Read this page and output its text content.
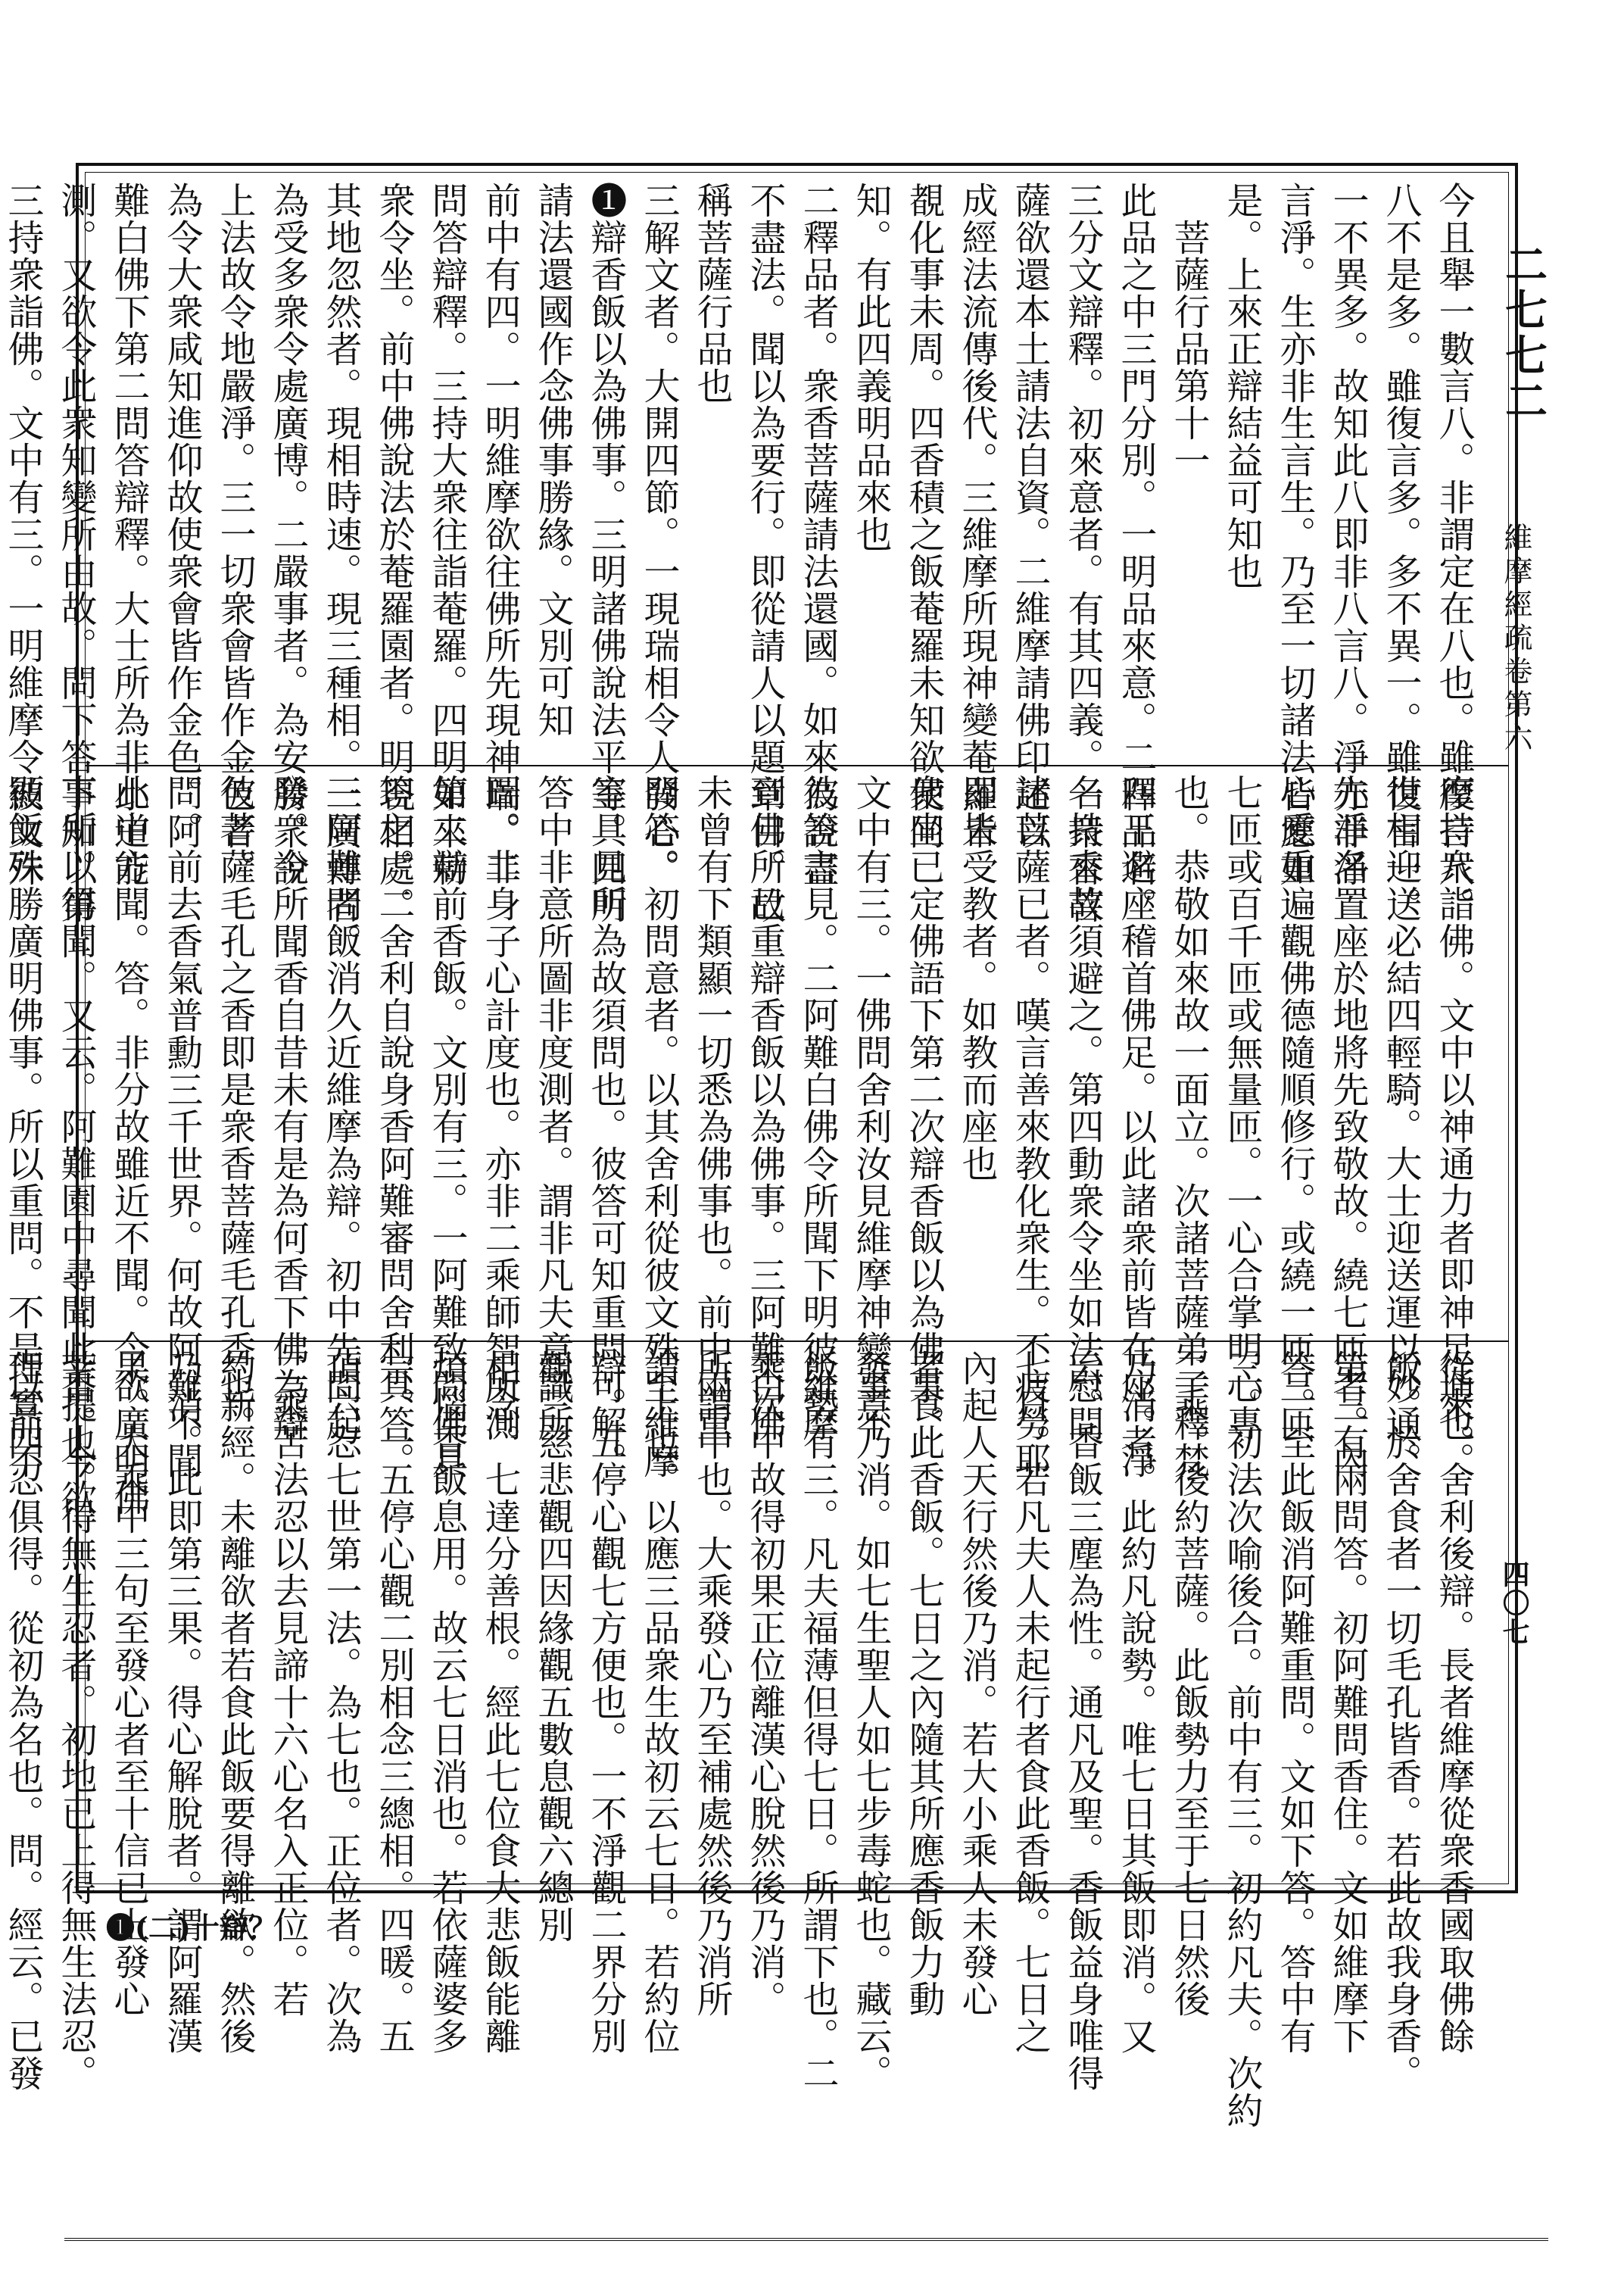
二七七二
維摩經疏卷第六
四〇七
今且舉一數言八。非謂定在八也。雖復言八。
八不是多。雖復言多。多不異一。雖復言一。
一不異多。故知此八即非八言八。淨亦非淨
言淨。生亦非生言生。乃至一切諸法皆應如
是。上來正辯結益可知也
　菩薩行品第十一
此品之中三門分別。一明品來意。二釋品名。
三分文辯釋。初來意者。有其四義。一衆香菩
薩欲還本土請法自資。二維摩請佛印述以
成經法流傳後代。三維摩所現神變菴羅未
覩化事未周。四香積之飯菴羅未知欲使同
知。有此四義明品來也
二釋品者。衆香菩薩請法還國。如來為說盡
不盡法。聞以為要行。即從請人以題章目。故
稱菩薩行品也
三解文者。大開四節。一現瑞相令人發心。
❶辯香飯以為佛事。三明諸佛說法平等。四明
請法還國作念佛事勝緣。文別可知
前中有四。一明維摩欲往佛所先現神瑞。二
問答辯釋。三持大衆往詣菴羅。四明如來勅
衆令坐。前中佛說法於菴羅園者。明現相處。
其地忽然者。現相時速。現三種相。一廣博者。
為受多衆令處廣博。二嚴事者。為安勝衆說
上法故令地嚴淨。三一切衆會皆作金色者。
為令大衆咸知進仰故使衆會皆作金色。阿
難白佛下第二問答辯釋。大士所為非小道能
測。又欲令此衆知變所由故。問下答下知。第
三持衆詣佛。文中有三。一明維摩令彼文殊
摩持衆詣佛。文中以神通力者即神足通也。
世相迎送必結四輕騎。大士迎送運以妙通。
先淨名置座於地將先致敬故。繞七匝者。內
心愛重遍觀佛德隨順修行。或繞一匝三匝
七匝或百千匝或無量匝。一心合掌明心專
也。恭敬如來故一面立。次諸菩薩弟子釋梵
四王避座稽首佛足。以此諸衆前皆在座。淨
名持來故須避之。第四動衆令坐如法慰問
諸菩薩已者。嘆言善來教化衆生。不疲勞耶
即皆受教者。如教而座也
衆坐已定佛語下第二次辯香飯以為佛事。
文中有三。一佛問舍利汝見維摩神變事不
彼答言見。二阿難白佛令所聞下明彼維摩
到佛所已重辯香飯以為佛事。三阿難白佛
未曾有下類顯一切悉為佛事也。前中兩重
問答。初問意者。以其舍利從彼文殊至維摩
室具見所為故須問也。彼答可知重問可解。
答中非意所圖非度測者。謂非凡夫意識所
圖。非身子心計度也。亦非二乘師智所測
第二辯前香飯。文別有三。一阿難致問佛具
答之。二舍利自說身香阿難審問舍利具答。
三阿難問飯消久近維摩為辯。初中先問起
發。今所聞香自昔未有是為何香下佛為辯
彼菩薩毛孔之香即是衆香菩薩毛孔香也。
問。前去香氣普勳三千世界。何故阿難不聞
此中方聞。答。非分故雖近不聞。今欲廣明佛
事所以得聞。又云。阿難園中尋聞此香。今欲
顯飯殊勝廣明佛事。所以重問。不是以前不
從來。舍利後辯。長者維摩從衆香國取佛餘
飯。於舍食者一切毛孔皆香。若此故我身香。
第三有兩問答。初阿難問香住。文如維摩下
答。至此飯消阿難重問。文如下答。答中有
三。初法次喻後合。前中有三。初約凡夫。次約
二乘。後約菩薩。此飯勢力至于七日然後
乃消者。此約凡說勢。唯七日其飯即消。又
云。香飯三塵為性。通凡及聖。香飯益身唯得
七日。若凡夫人未起行者食此香飯。七日之
內起人天行然後乃消。若大小乘人未發心
者食此香飯。七日之內隨其所應香飯力動
發意乃消。如七生聖人如七步毒蛇也。藏云。
飯勢有三。凡夫福薄但得七日。所謂下也。二
乘次中故得初果正位離漢心脫然後乃消。
所謂中也。大乘發心乃至補處然後乃消所
謂上也。以應三品衆生故初云七日。若約位
辯。五停心觀七方便也。一不淨觀二界分別
觀三慈悲觀四因緣觀五數息觀六總別
相念。七達分善根。經此七位食大悲飯能離
煩惱香飯息用。故云七日消也。若依薩婆多
宗。一五停心觀二別相念三總相。四暖。五
頂六忍七世第一法。為七也。正位者。次為
二乘苦法忍以去見諦十六心名入正位。若
約新經。未離欲者若食此飯要得離欲。然後
乃消。此即第三果。得心解脫者。謂阿羅漢
果。大乘中三句至發心者至十信已上發心
菩提也。得無生忍者。初地已上得無生法忍。
理實四忍俱得。從初為名也。問。經云。已發 ❶(二)十辯？
